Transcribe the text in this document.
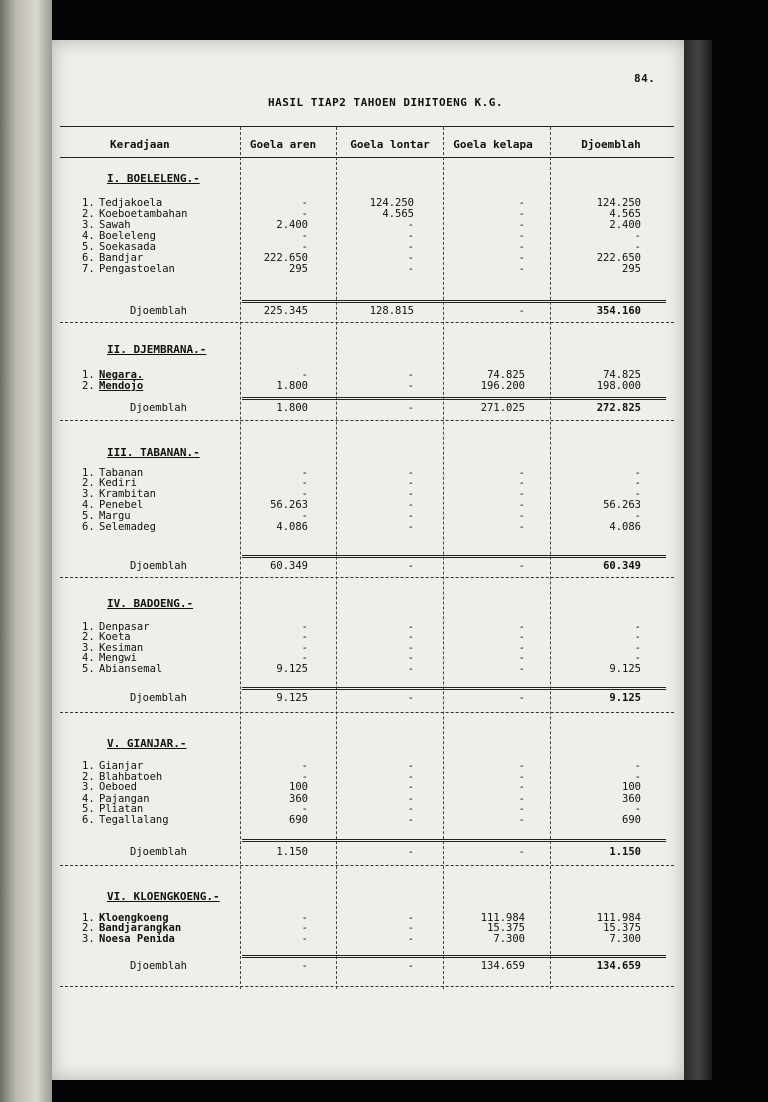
84.
HASIL TIAP2 TAHOEN DIHITOENG K.G.
Keradjaan	Goela aren	Goela lontar	Goela kelapa	Djoemblah
I. BOELELENG.-
1. Tedjakoela	-	124.250	-	124.250
2. Koeboetambahan	-	4.565	-	4.565
3. Sawah	2.400	-	-	2.400
4. Boeleleng	-	-	-	-
5. Soekasada	-	-	-	-
6. Bandjar	222.650	-	-	222.650
7. Pengastoelan	295	-	-	295
Djoemblah	225.345	128.815	-	354.160
II. DJEMBRANA.-
1. Negara.	-	-	74.825	74.825
2. Mendojo	1.800	-	196.200	198.000
Djoemblah	1.800	-	271.025	272.825
III. TABANAN.-
1. Tabanan	-	-	-	-
2. Kediri	-	-	-	-
3. Krambitan	-	-	-	-
4. Penebel	56.263	-	-	56.263
5. Margu	-	-	-	-
6. Selemadeg	4.086	-	-	4.086
Djoemblah	60.349	-	-	60.349
IV. BADOENG.-
1. Denpasar	-	-	-	-
2. Koeta	-	-	-	-
3. Kesiman	-	-	-	-
4. Mengwi	-	-	-	-
5. Abiansemal	9.125	-	-	9.125
Djoemblah	9.125	-	-	9.125
V. GIANJAR.-
1. Gianjar	-	-	-	-
2. Blahbatoeh	-	-	-	-
3. Oeboed	100	-	-	100
4. Pajangan	360	-	-	360
5. Pliatan	-	-	-	-
6. Tegallalang	690	-	-	690
Djoemblah	1.150	-	-	1.150
VI. KLOENGKOENG.-
1. Kloengkoeng	-	-	111.984	111.984
2. Bandjarangkan	-	-	15.375	15.375
3. Noesa Penida	-	-	7.300	7.300
Djoemblah	-	-	134.659	134.659
